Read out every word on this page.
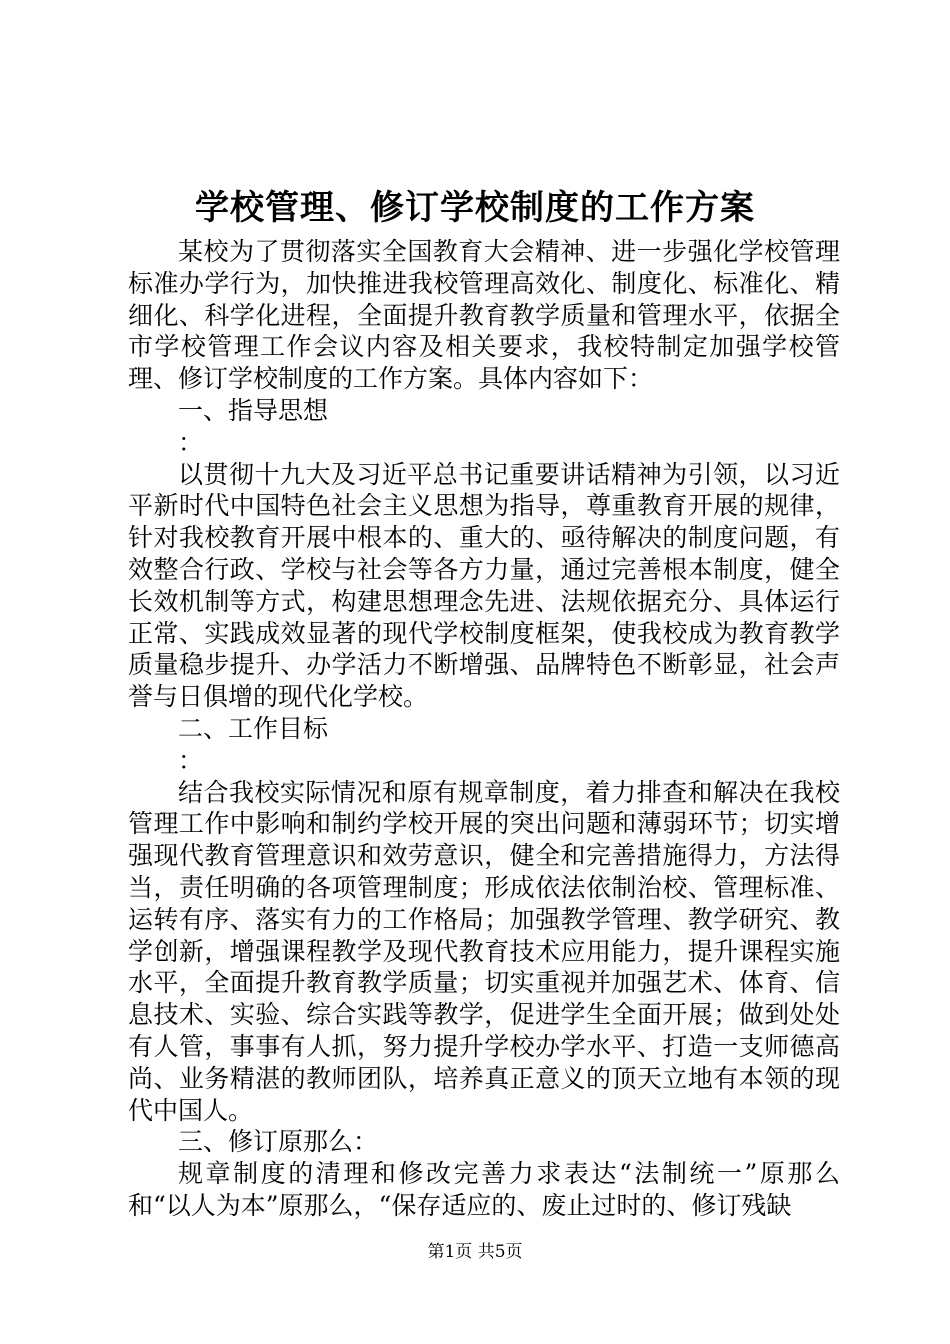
学校管理、修订学校制度的工作方案

某校为了贯彻落实全国教育大会精神、进一步强化学校管理标准办学行为，加快推进我校管理高效化、制度化、标准化、精细化、科学化进程，全面提升教育教学质量和管理水平，依据全市学校管理工作会议内容及相关要求，我校特制定加强学校管理、修订学校制度的工作方案。具体内容如下：

一、指导思想

：

以贯彻十九大及习近平总书记重要讲话精神为引领，以习近平新时代中国特色社会主义思想为指导，尊重教育开展的规律，针对我校教育开展中根本的、重大的、亟待解决的制度问题，有效整合行政、学校与社会等各方力量，通过完善根本制度，健全长效机制等方式，构建思想理念先进、法规依据充分、具体运行正常、实践成效显著的现代学校制度框架，使我校成为教育教学质量稳步提升、办学活力不断增强、品牌特色不断彰显，社会声誉与日俱增的现代化学校。

二、工作目标

：

结合我校实际情况和原有规章制度，着力排查和解决在我校管理工作中影响和制约学校开展的突出问题和薄弱环节；切实增强现代教育管理意识和效劳意识，健全和完善措施得力，方法得当，责任明确的各项管理制度；形成依法依制治校、管理标准、运转有序、落实有力的工作格局；加强教学管理、教学研究、教学创新，增强课程教学及现代教育技术应用能力，提升课程实施水平，全面提升教育教学质量；切实重视并加强艺术、体育、信息技术、实验、综合实践等教学，促进学生全面开展；做到处处有人管，事事有人抓，努力提升学校办学水平、打造一支师德高尚、业务精湛的教师团队，培养真正意义的顶天立地有本领的现代中国人。

三、修订原那么：

规章制度的清理和修改完善力求表达“法制统一”原那么和“以人为本”原那么，“保存适应的、废止过时的、修订残缺

第1页 共5页
